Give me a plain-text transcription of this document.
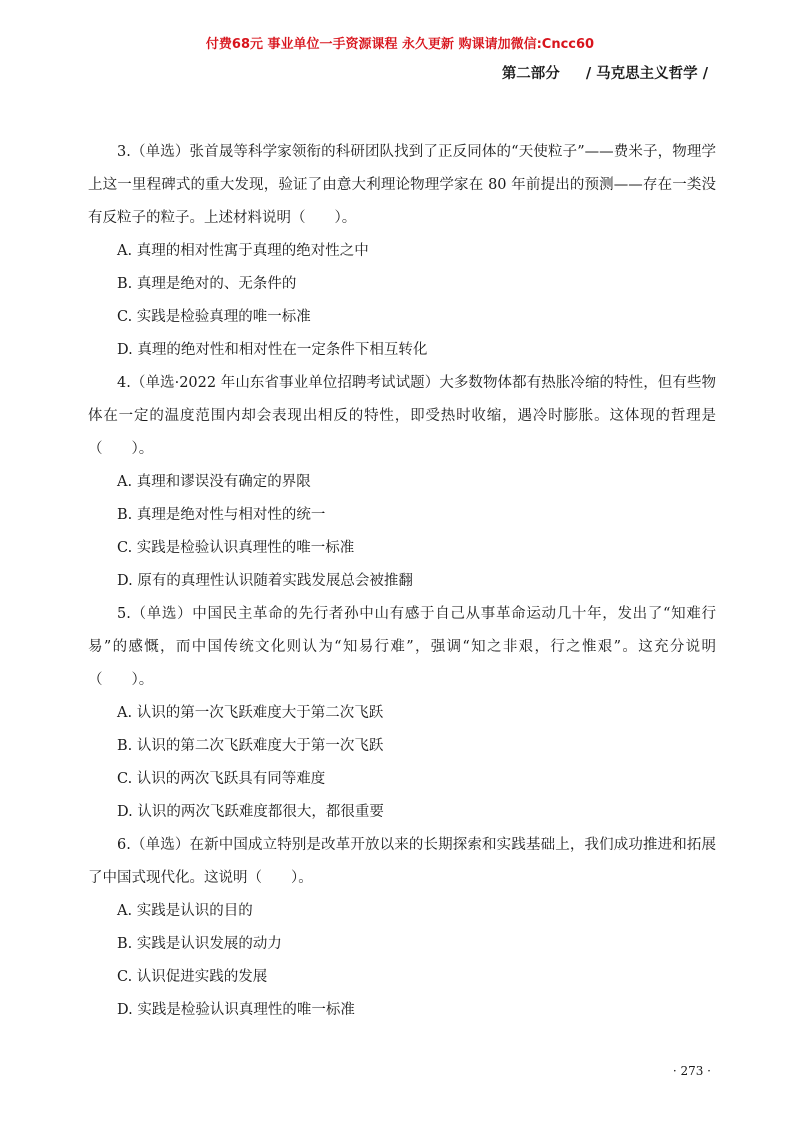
付费68元 事业单位一手资源课程 永久更新 购课请加微信:Cncc60
第二部分 / 马克思主义哲学 /

3.（单选）张首晟等科学家领衔的科研团队找到了正反同体的“天使粒子”——费米子，物理学上这一里程碑式的重大发现，验证了由意大利理论物理学家在 80 年前提出的预测——存在一类没有反粒子的粒子。上述材料说明（　　）。

A. 真理的相对性寓于真理的绝对性之中

B. 真理是绝对的、无条件的

C. 实践是检验真理的唯一标准

D. 真理的绝对性和相对性在一定条件下相互转化

4.（单选·2022 年山东省事业单位招聘考试试题）大多数物体都有热胀冷缩的特性，但有些物体在一定的温度范围内却会表现出相反的特性，即受热时收缩，遇冷时膨胀。这体现的哲理是（　　）。

A. 真理和谬误没有确定的界限

B. 真理是绝对性与相对性的统一

C. 实践是检验认识真理性的唯一标准

D. 原有的真理性认识随着实践发展总会被推翻

5.（单选）中国民主革命的先行者孙中山有感于自己从事革命运动几十年，发出了“知难行易”的感慨，而中国传统文化则认为“知易行难”，强调“知之非艰，行之惟艰”。这充分说明（　　）。

A. 认识的第一次飞跃难度大于第二次飞跃

B. 认识的第二次飞跃难度大于第一次飞跃

C. 认识的两次飞跃具有同等难度

D. 认识的两次飞跃难度都很大，都很重要

6.（单选）在新中国成立特别是改革开放以来的长期探索和实践基础上，我们成功推进和拓展了中国式现代化。这说明（　　）。

A. 实践是认识的目的

B. 实践是认识发展的动力

C. 认识促进实践的发展

D. 实践是检验认识真理性的唯一标准

· 273 ·
